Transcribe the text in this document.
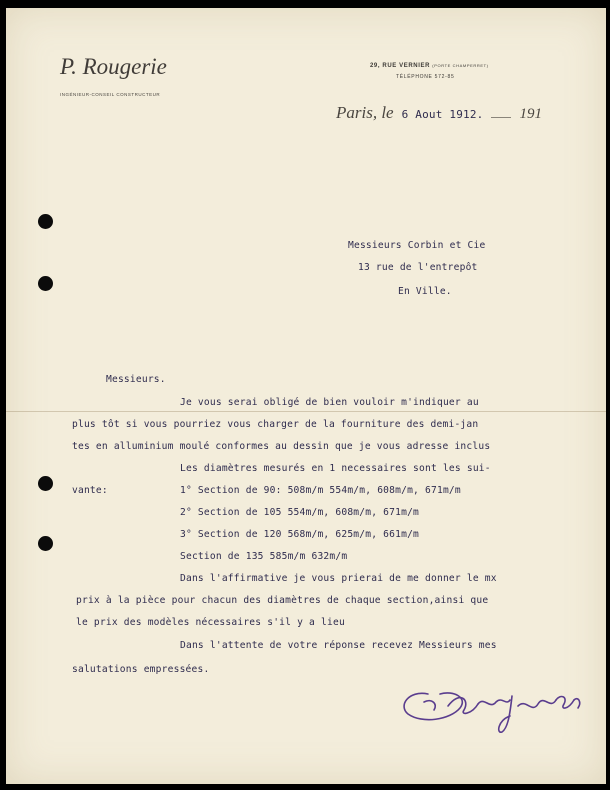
P. Rougerie
INGÉNIEUR-CONSEIL CONSTRUCTEUR
29, RUE VERNIER (PORTE CHAMPERRET)
TÉLÉPHONE 572-85
Paris, le 6 Aout 1912. 191
Messieurs Corbin et Cie
13 rue de l'entrepôt
En Ville.
Messieurs.
Je vous serai obligé de bien vouloir m'indiquer au
plus tôt si vous pourriez vous charger de la fourniture des demi-jan
tes en alluminium moulé conformes au dessin que je vous adresse inclus
Les diamètres mesurés en 1 necessaires sont les sui-
vante:	1° Section de 90: 508m/m 554m/m, 608m/m, 671m/m
2° Section de 105 554m/m, 608m/m, 671m/m
3° Section de 120 568m/m, 625m/m, 661m/m
Section de 135 585m/m 632m/m
Dans l'affirmative je vous prierai de me donner le mx
prix à la pièce pour chacun des diamètres de chaque section,ainsi que
le prix des modèles nécessaires s'il y a lieu
Dans l'attente de votre réponse recevez Messieurs mes
salutations empressées.
